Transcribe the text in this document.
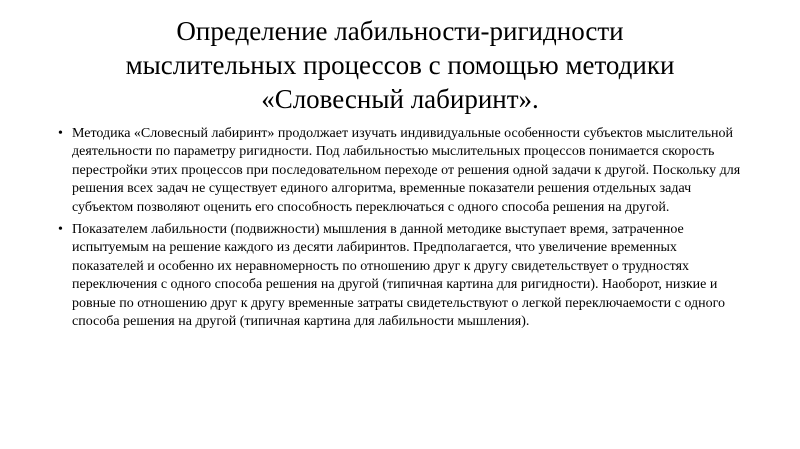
Определение лабильности-ригидности
мыслительных процессов с помощью методики
«Словесный лабиринт».
• Методика «Словесный лабиринт» продолжает изучать индивидуальные особенности субъектов мыслительной деятельности по параметру ригидности. Под лабильностью мыслительных процессов понимается скорость перестройки этих процессов при последовательном переходе от решения одной задачи к другой. Поскольку для решения всех задач не существует единого алгоритма, временные показатели решения отдельных задач субъектом позволяют оценить его способность переключаться с одного способа решения на другой.
• Показателем лабильности (подвижности) мышления в данной методике выступает время, затраченное испытуемым на решение каждого из десяти лабиринтов. Предполагается, что увеличение временных показателей и особенно их неравномерность по отношению друг к другу свидетельствует о трудностях переключения с одного способа решения на другой (типичная картина для ригидности). Наоборот, низкие и ровные по отношению друг к другу временные затраты свидетельствуют о легкой переключаемости с одного способа решения на другой (типичная картина для лабильности мышления).
